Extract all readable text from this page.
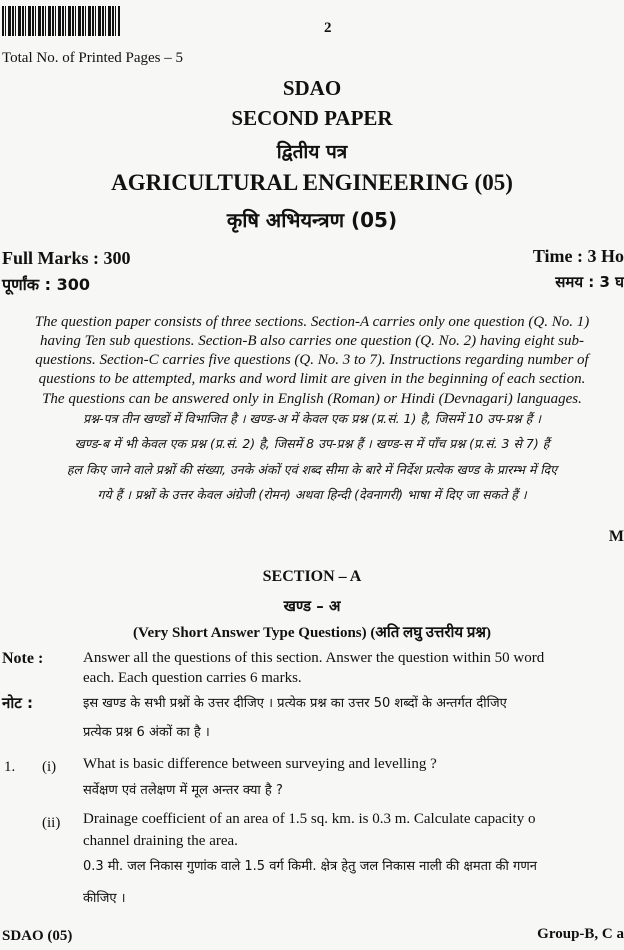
2
Total No. of Printed Pages – 5
SDAO
SECOND PAPER
द्वितीय पत्र
AGRICULTURAL ENGINEERING (05)
कृषि अभियन्त्रण (05)
Full Marks : 300
पूर्णांक : 300
Time : 3 Ho
समय : 3 घ
The question paper consists of three sections. Section-A carries only one question (Q. No. 1)
having Ten sub questions. Section-B also carries one question (Q. No. 2) having eight sub-
questions. Section-C carries five questions (Q. No. 3 to 7). Instructions regarding number of
questions to be attempted, marks and word limit are given in the beginning of each section.
The questions can be answered only in English (Roman) or Hindi (Devnagari) languages.
प्रश्न-पत्र तीन खण्डों में विभाजित है । खण्ड-अ में केवल एक प्रश्न (प्र.सं. 1) है, जिसमें 10 उप-प्रश्न हैं ।
खण्ड-ब में भी केवल एक प्रश्न (प्र.सं. 2) है, जिसमें 8 उप-प्रश्न हैं । खण्ड-स में पाँच प्रश्न (प्र.सं. 3 से 7) हैं
हल किए जाने वाले प्रश्नों की संख्या, उनके अंकों एवं शब्द सीमा के बारे में निर्देश प्रत्येक खण्ड के प्रारम्भ में दिए
गये हैं । प्रश्नों के उत्तर केवल अंग्रेजी (रोमन) अथवा हिन्दी (देवनागरी) भाषा में दिए जा सकते हैं ।
M
SECTION – A
खण्ड – अ
(Very Short Answer Type Questions) (अति लघु उत्तरीय प्रश्न)
Note :	Answer all the questions of this section. Answer the question within 50 word
each. Each question carries 6 marks.
नोट :	इस खण्ड के सभी प्रश्नों के उत्तर दीजिए । प्रत्येक प्रश्न का उत्तर 50 शब्दों के अन्तर्गत दीजिए
प्रत्येक प्रश्न 6 अंकों का है ।
1. (i) What is basic difference between surveying and levelling ?
सर्वेक्षण एवं तलेक्षण में मूल अन्तर क्या है ?
(ii) Drainage coefficient of an area of 1.5 sq. km. is 0.3 m. Calculate capacity o
channel draining the area.
0.3 मी. जल निकास गुणांक वाले 1.5 वर्ग किमी. क्षेत्र हेतु जल निकास नाली की क्षमता की गणन
कीजिए ।
SDAO (05)	Group-B, C a
